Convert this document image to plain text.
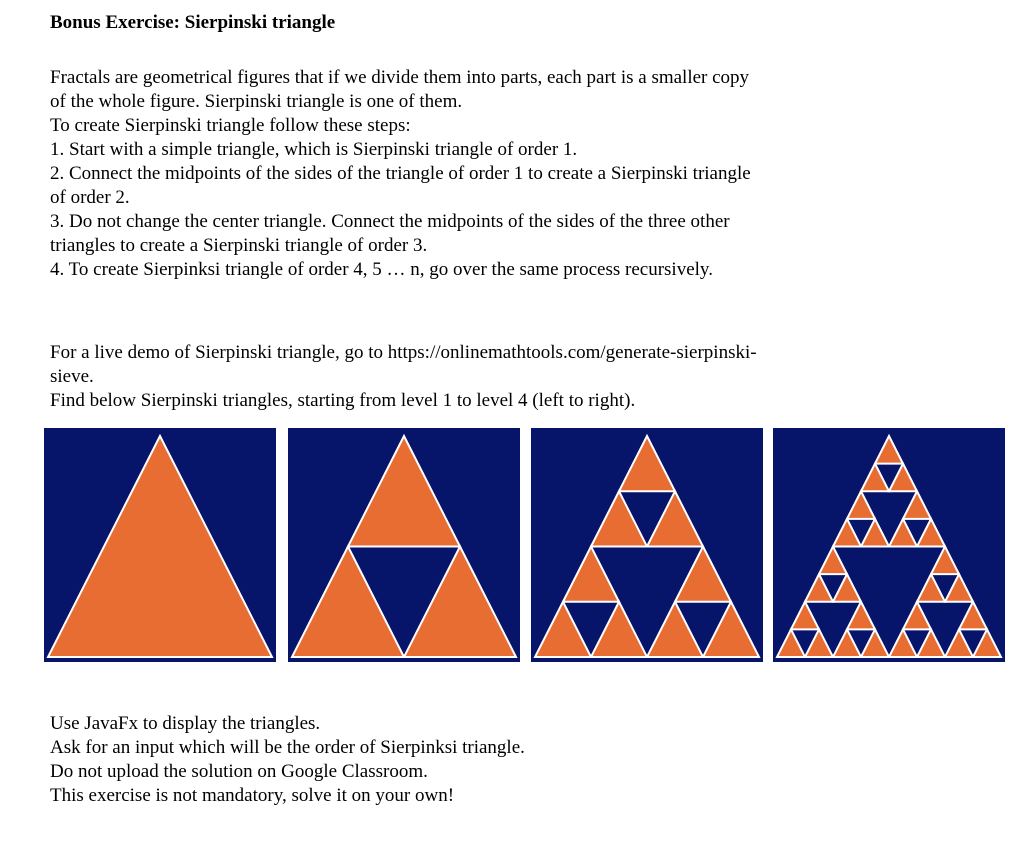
Bonus Exercise: Sierpinski triangle
Fractals are geometrical figures that if we divide them into parts, each part is a smaller copy
of the whole figure. Sierpinski triangle is one of them.
To create Sierpinski triangle follow these steps:
1. Start with a simple triangle, which is Sierpinski triangle of order 1.
2. Connect the midpoints of the sides of the triangle of order 1 to create a Sierpinski triangle
of order 2.
3. Do not change the center triangle. Connect the midpoints of the sides of the three other
triangles to create a Sierpinski triangle of order 3.
4. To create Sierpinksi triangle of order 4, 5 … n, go over the same process recursively.
For a live demo of Sierpinski triangle, go to https://onlinemathtools.com/generate-sierpinski-
sieve.
Find below Sierpinski triangles, starting from level 1 to level 4 (left to right).
Use JavaFx to display the triangles.
Ask for an input which will be the order of Sierpinksi triangle.
Do not upload the solution on Google Classroom.
This exercise is not mandatory, solve it on your own!
